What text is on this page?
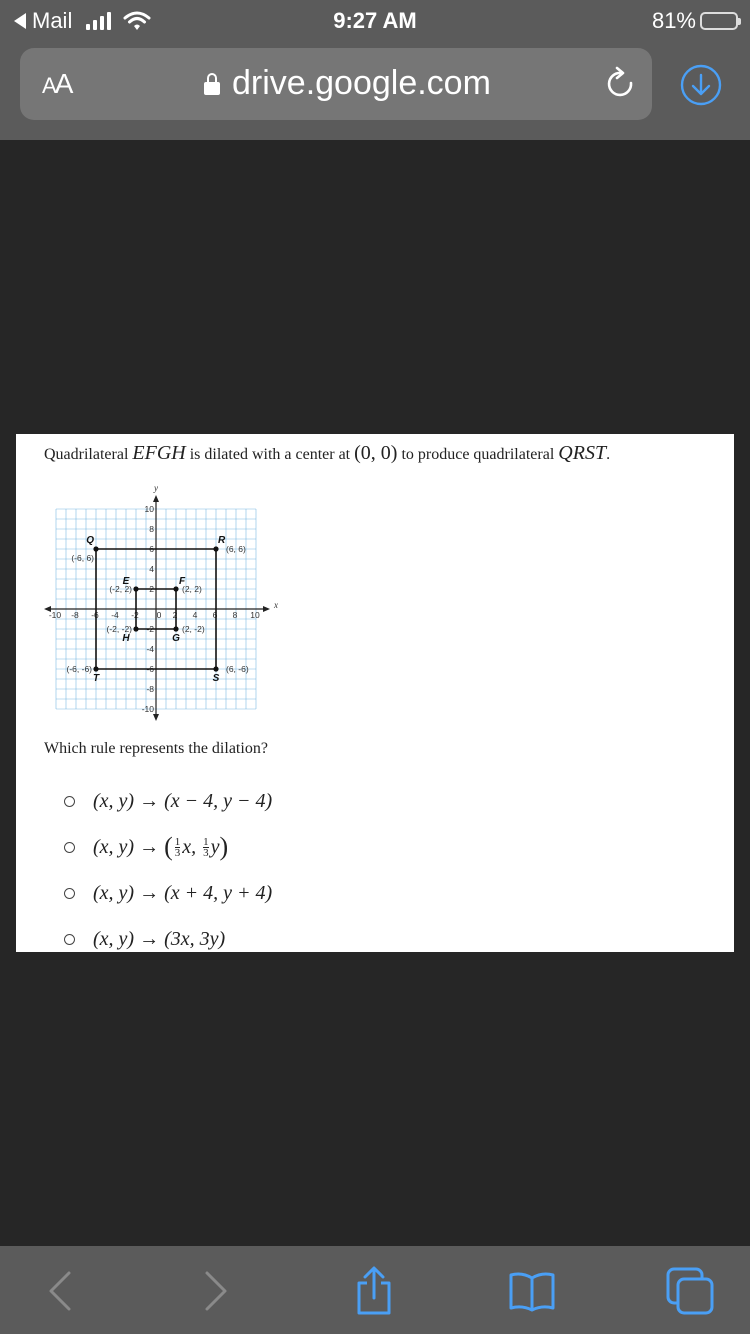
Mail	9:27 AM	81%
AA	drive.google.com
Quadrilateral EFGH is dilated with a center at (0, 0) to produce quadrilateral QRST.
x
y
-10 -8 -6 -4 -2 0 2 4 6 8 10
10
8
6
4
2
-2
-4
-6
-8
-10
Q
(-6, 6)
R
(6, 6)
S
(6, -6)
T
(-6, -6)
E
(-2, 2)
F
(2, 2)
G
(2, -2)
H
(-2, -2)
Which rule represents the dilation?
(x, y)
→
(x − 4, y − 4)
(x, y)
→
( $\frac{1}{3} x$,
$\frac{1}{3}$ y )
(x, y)
→
(x + 4, y + 4)
(x, y)
→
(3x, 3y)
